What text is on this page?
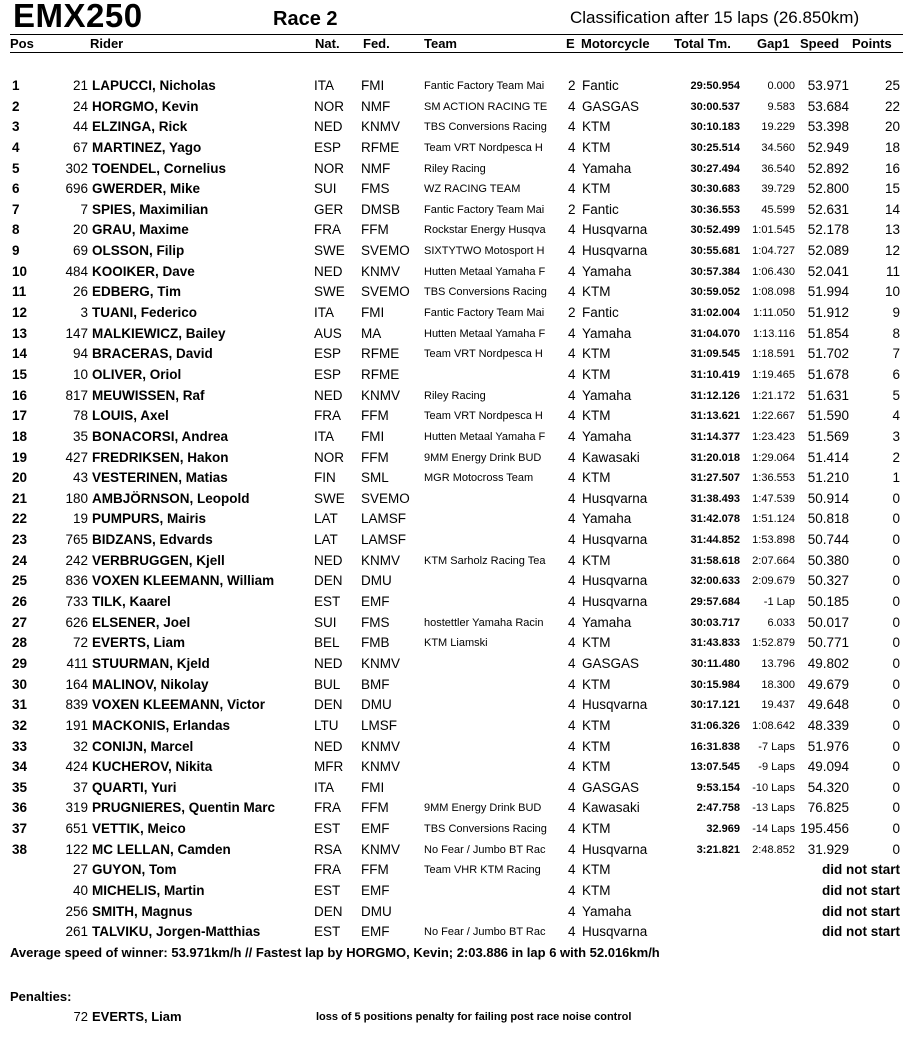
EMX250	Race 2	Classification after 15 laps (26.850km)
Pos	Rider	Nat. Fed.	Team	E Motorcycle Total Tm. Gap1 Speed Points
1	21 LAPUCCI, Nicholas	ITA	FMI	Fantic Factory Team Mai	2 Fantic	29:50.954	0.000 53.971	25
2	24 HORGMO, Kevin	NOR	NMF	SM ACTION RACING TE	4 GASGAS	30:00.537	9.583 53.684	22
3	44 ELZINGA, Rick	NED	KNMV	TBS Conversions Racing	4 KTM	30:10.183	19.229 53.398	20
4	67 MARTINEZ, Yago	ESP	RFME	Team VRT Nordpesca H	4 KTM	30:25.514	34.560 52.949	18
5	302 TOENDEL, Cornelius	NOR	NMF	Riley Racing	4 Yamaha	30:27.494	36.540 52.892	16
6	696 GWERDER, Mike	SUI	FMS	WZ RACING TEAM	4 KTM	30:30.683	39.729 52.800	15
7	7 SPIES, Maximilian	GER	DMSB	Fantic Factory Team Mai	2 Fantic	30:36.553	45.599 52.631	14
8	20 GRAU, Maxime	FRA	FFM	Rockstar Energy Husqva	4 Husqvarna	30:52.499	1:01.545 52.178	13
9	69 OLSSON, Filip	SWE	SVEMO	SIXTYTWO Motosport H	4 Husqvarna	30:55.681	1:04.727 52.089	12
10	484 KOOIKER, Dave	NED	KNMV	Hutten Metaal Yamaha F	4 Yamaha	30:57.384	1:06.430 52.041	11
11	26 EDBERG, Tim	SWE	SVEMO	TBS Conversions Racing	4 KTM	30:59.052	1:08.098 51.994	10
12	3 TUANI, Federico	ITA	FMI	Fantic Factory Team Mai	2 Fantic	31:02.004	1:11.050 51.912	9
13	147 MALKIEWICZ, Bailey	AUS	MA	Hutten Metaal Yamaha F	4 Yamaha	31:04.070	1:13.116 51.854	8
14	94 BRACERAS, David	ESP	RFME	Team VRT Nordpesca H	4 KTM	31:09.545	1:18.591 51.702	7
15	10 OLIVER, Oriol	ESP	RFME	4 KTM	31:10.419	1:19.465 51.678	6
16	817 MEUWISSEN, Raf	NED	KNMV	Riley Racing	4 Yamaha	31:12.126	1:21.172 51.631	5
17	78 LOUIS, Axel	FRA	FFM	Team VRT Nordpesca H	4 KTM	31:13.621	1:22.667 51.590	4
18	35 BONACORSI, Andrea	ITA	FMI	Hutten Metaal Yamaha F	4 Yamaha	31:14.377	1:23.423 51.569	3
19	427 FREDRIKSEN, Hakon	NOR	FFM	9MM Energy Drink BUD	4 Kawasaki	31:20.018	1:29.064 51.414	2
20	43 VESTERINEN, Matias	FIN	SML	MGR Motocross Team	4 KTM	31:27.507	1:36.553 51.210	1
21	180 AMBJÖRNSON, Leopold	SWE	SVEMO	4 Husqvarna	31:38.493	1:47.539 50.914	0
22	19 PUMPURS, Mairis	LAT	LAMSF	4 Yamaha	31:42.078	1:51.124 50.818	0
23	765 BIDZANS, Edvards	LAT	LAMSF	4 Husqvarna	31:44.852	1:53.898 50.744	0
24	242 VERBRUGGEN, Kjell	NED	KNMV	KTM Sarholz Racing Tea	4 KTM	31:58.618	2:07.664 50.380	0
25	836 VOXEN KLEEMANN, William	DEN	DMU	4 Husqvarna	32:00.633	2:09.679 50.327	0
26	733 TILK, Kaarel	EST	EMF	4 Husqvarna	29:57.684	-1 Lap 50.185	0
27	626 ELSENER, Joel	SUI	FMS	hostettler Yamaha Racin	4 Yamaha	30:03.717	6.033 50.017	0
28	72 EVERTS, Liam	BEL	FMB	KTM Liamski	4 KTM	31:43.833	1:52.879 50.771	0
29	411 STUURMAN, Kjeld	NED	KNMV	4 GASGAS	30:11.480	13.796 49.802	0
30	164 MALINOV, Nikolay	BUL	BMF	4 KTM	30:15.984	18.300 49.679	0
31	839 VOXEN KLEEMANN, Victor	DEN	DMU	4 Husqvarna	30:17.121	19.437 49.648	0
32	191 MACKONIS, Erlandas	LTU	LMSF	4 KTM	31:06.326	1:08.642 48.339	0
33	32 CONIJN, Marcel	NED	KNMV	4 KTM	16:31.838	-7 Laps 51.976	0
34	424 KUCHEROV, Nikita	MFR	KNMV	4 KTM	13:07.545	-9 Laps 49.094	0
35	37 QUARTI, Yuri	ITA	FMI	4 GASGAS	9:53.154	-10 Laps 54.320	0
36	319 PRUGNIERES, Quentin Marc	FRA	FFM	9MM Energy Drink BUD	4 Kawasaki	2:47.758	-13 Laps 76.825	0
37	651 VETTIK, Meico	EST	EMF	TBS Conversions Racing	4 KTM	32.969	-14 Laps 195.456	0
38	122 MC LELLAN, Camden	RSA	KNMV	No Fear / Jumbo BT Rac	4 Husqvarna	3:21.821	2:48.852 31.929	0
27 GUYON, Tom	FRA	FFM	Team VHR KTM Racing	4 KTM	did not start
40 MICHELIS, Martin	EST	EMF	4 KTM	did not start
256 SMITH, Magnus	DEN	DMU	4 Yamaha	did not start
261 TALVIKU, Jorgen-Matthias	EST	EMF	No Fear / Jumbo BT Rac	4 Husqvarna	did not start
Average speed of winner: 53.971km/h // Fastest lap by HORGMO, Kevin; 2:03.886 in lap 6 with 52.016km/h
Penalties:
72 EVERTS, Liam	loss of 5 positions penalty for failing post race noise control
